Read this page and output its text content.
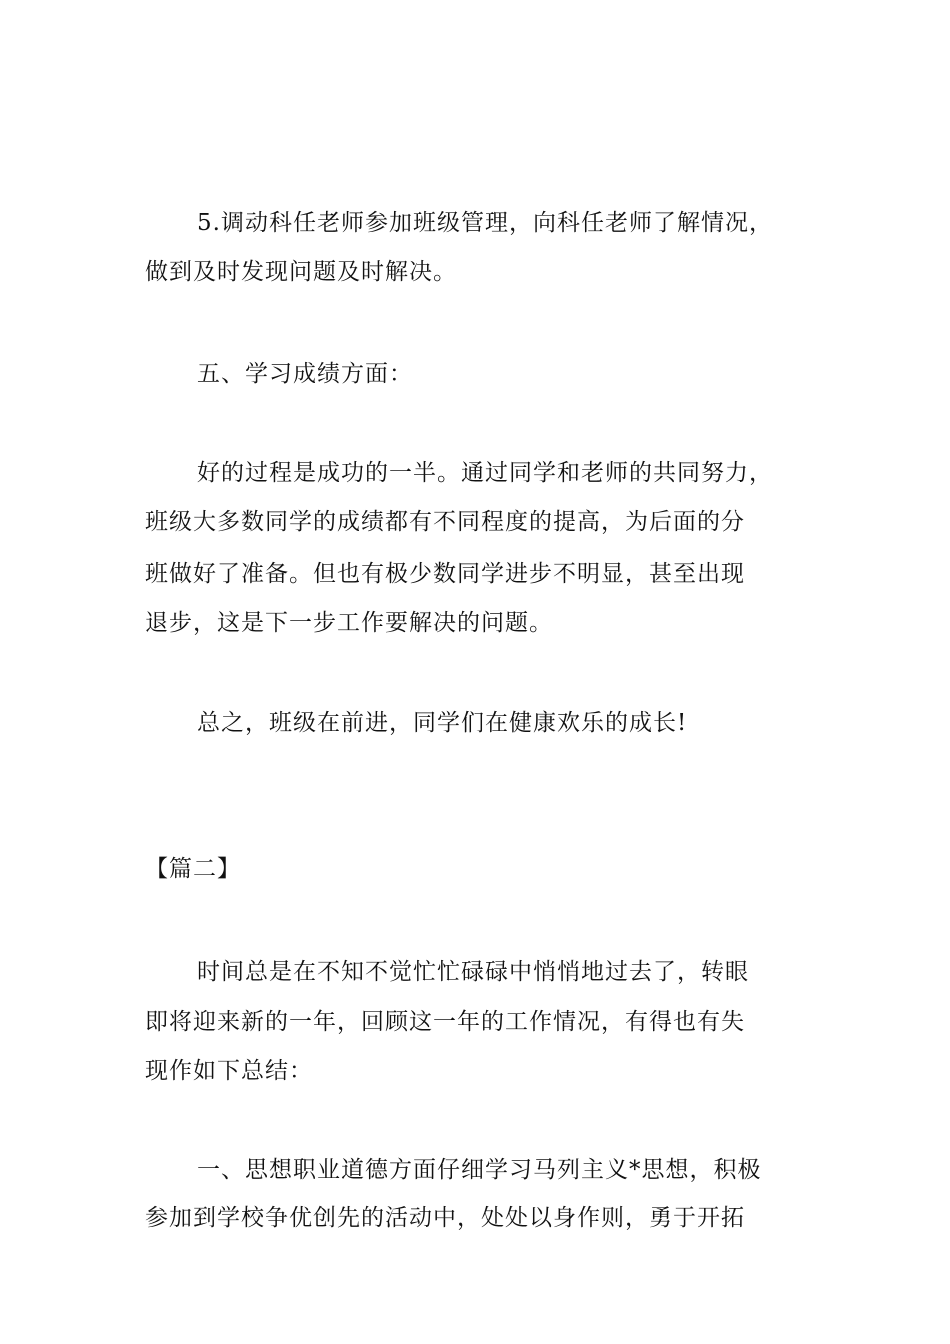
5.调动科任老师参加班级管理，向科任老师了解情况，

做到及时发现问题及时解决。

五、学习成绩方面：

好的过程是成功的一半。通过同学和老师的共同努力，

班级大多数同学的成绩都有不同程度的提高，为后面的分

班做好了准备。但也有极少数同学进步不明显，甚至出现

退步，这是下一步工作要解决的问题。

总之，班级在前进，同学们在健康欢乐的成长!

【篇二】

时间总是在不知不觉忙忙碌碌中悄悄地过去了，转眼

即将迎来新的一年，回顾这一年的工作情况，有得也有失

现作如下总结：

一、思想职业道德方面仔细学习马列主义*思想，积极

参加到学校争优创先的活动中，处处以身作则，勇于开拓
